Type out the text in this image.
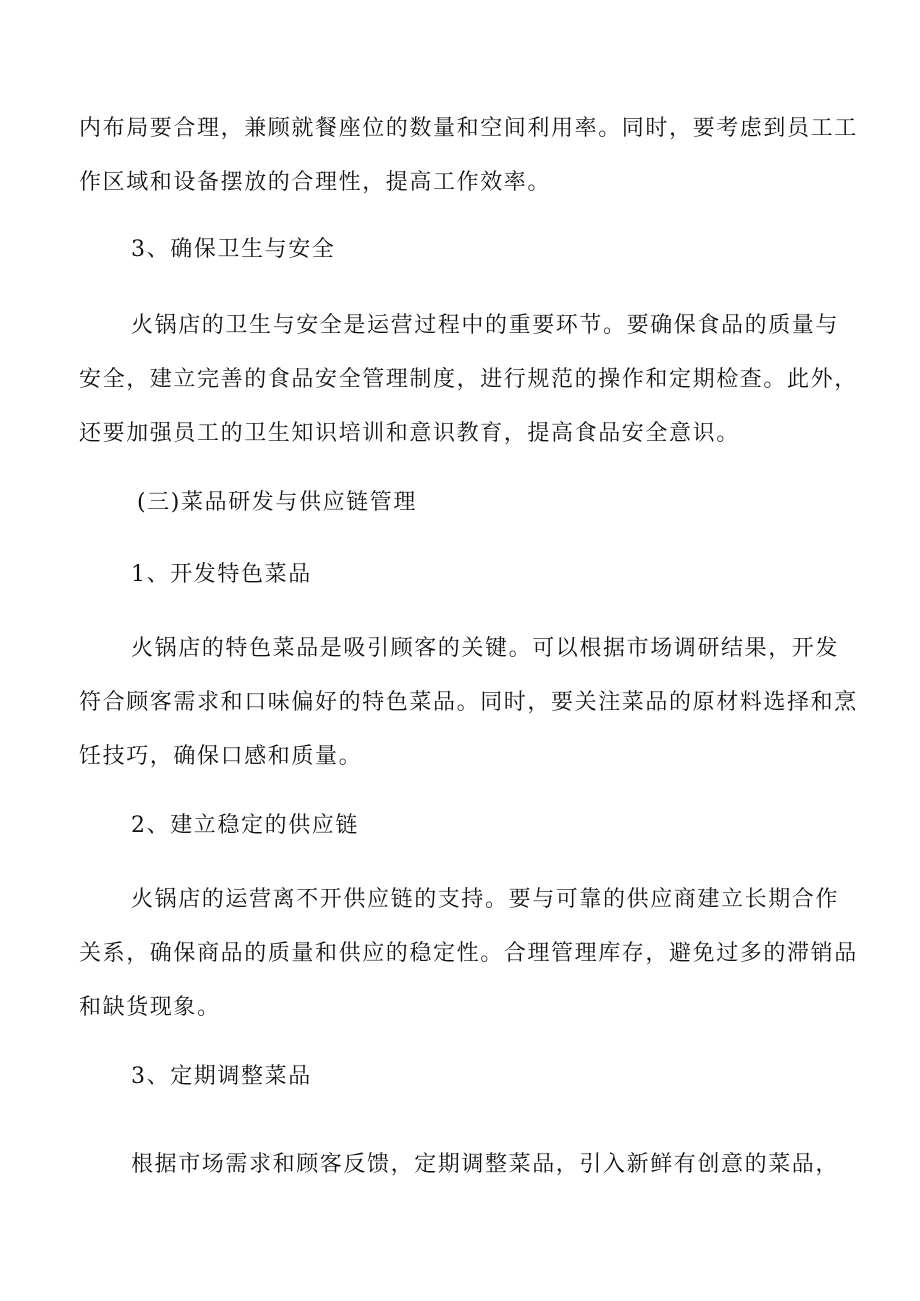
内布局要合理，兼顾就餐座位的数量和空间利用率。同时，要考虑到员工工
作区域和设备摆放的合理性，提高工作效率。
3、确保卫生与安全
火锅店的卫生与安全是运营过程中的重要环节。要确保食品的质量与
安全，建立完善的食品安全管理制度，进行规范的操作和定期检查。此外，
还要加强员工的卫生知识培训和意识教育，提高食品安全意识。
(三)菜品研发与供应链管理
1、开发特色菜品
火锅店的特色菜品是吸引顾客的关键。可以根据市场调研结果，开发
符合顾客需求和口味偏好的特色菜品。同时，要关注菜品的原材料选择和烹
饪技巧，确保口感和质量。
2、建立稳定的供应链
火锅店的运营离不开供应链的支持。要与可靠的供应商建立长期合作
关系，确保商品的质量和供应的稳定性。合理管理库存，避免过多的滞销品
和缺货现象。
3、定期调整菜品
根据市场需求和顾客反馈，定期调整菜品，引入新鲜有创意的菜品，
